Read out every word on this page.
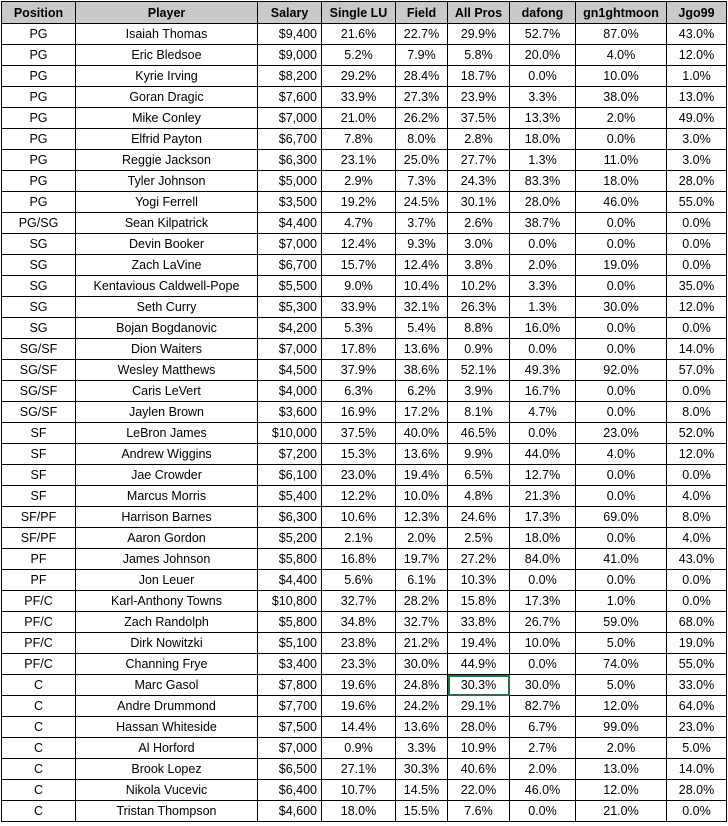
Position	Player	Salary	Single LU	Field	All Pros	dafong	gn1ghtmoon	Jgo99
PG	Isaiah Thomas	$9,400	21.6%	22.7%	29.9%	52.7%	87.0%	43.0%
PG	Eric Bledsoe	$9,000	5.2%	7.9%	5.8%	20.0%	4.0%	12.0%
PG	Kyrie Irving	$8,200	29.2%	28.4%	18.7%	0.0%	10.0%	1.0%
PG	Goran Dragic	$7,600	33.9%	27.3%	23.9%	3.3%	38.0%	13.0%
PG	Mike Conley	$7,000	21.0%	26.2%	37.5%	13.3%	2.0%	49.0%
PG	Elfrid Payton	$6,700	7.8%	8.0%	2.8%	18.0%	0.0%	3.0%
PG	Reggie Jackson	$6,300	23.1%	25.0%	27.7%	1.3%	11.0%	3.0%
PG	Tyler Johnson	$5,000	2.9%	7.3%	24.3%	83.3%	18.0%	28.0%
PG	Yogi Ferrell	$3,500	19.2%	24.5%	30.1%	28.0%	46.0%	55.0%
PG/SG	Sean Kilpatrick	$4,400	4.7%	3.7%	2.6%	38.7%	0.0%	0.0%
SG	Devin Booker	$7,000	12.4%	9.3%	3.0%	0.0%	0.0%	0.0%
SG	Zach LaVine	$6,700	15.7%	12.4%	3.8%	2.0%	19.0%	0.0%
SG	Kentavious Caldwell-Pope	$5,500	9.0%	10.4%	10.2%	3.3%	0.0%	35.0%
SG	Seth Curry	$5,300	33.9%	32.1%	26.3%	1.3%	30.0%	12.0%
SG	Bojan Bogdanovic	$4,200	5.3%	5.4%	8.8%	16.0%	0.0%	0.0%
SG/SF	Dion Waiters	$7,000	17.8%	13.6%	0.9%	0.0%	0.0%	14.0%
SG/SF	Wesley Matthews	$4,500	37.9%	38.6%	52.1%	49.3%	92.0%	57.0%
SG/SF	Caris LeVert	$4,000	6.3%	6.2%	3.9%	16.7%	0.0%	0.0%
SG/SF	Jaylen Brown	$3,600	16.9%	17.2%	8.1%	4.7%	0.0%	8.0%
SF	LeBron James	$10,000	37.5%	40.0%	46.5%	0.0%	23.0%	52.0%
SF	Andrew Wiggins	$7,200	15.3%	13.6%	9.9%	44.0%	4.0%	12.0%
SF	Jae Crowder	$6,100	23.0%	19.4%	6.5%	12.7%	0.0%	0.0%
SF	Marcus Morris	$5,400	12.2%	10.0%	4.8%	21.3%	0.0%	4.0%
SF/PF	Harrison Barnes	$6,300	10.6%	12.3%	24.6%	17.3%	69.0%	8.0%
SF/PF	Aaron Gordon	$5,200	2.1%	2.0%	2.5%	18.0%	0.0%	4.0%
PF	James Johnson	$5,800	16.8%	19.7%	27.2%	84.0%	41.0%	43.0%
PF	Jon Leuer	$4,400	5.6%	6.1%	10.3%	0.0%	0.0%	0.0%
PF/C	Karl-Anthony Towns	$10,800	32.7%	28.2%	15.8%	17.3%	1.0%	0.0%
PF/C	Zach Randolph	$5,800	34.8%	32.7%	33.8%	26.7%	59.0%	68.0%
PF/C	Dirk Nowitzki	$5,100	23.8%	21.2%	19.4%	10.0%	5.0%	19.0%
PF/C	Channing Frye	$3,400	23.3%	30.0%	44.9%	0.0%	74.0%	55.0%
C	Marc Gasol	$7,800	19.6%	24.8%	30.3%	30.0%	5.0%	33.0%
C	Andre Drummond	$7,700	19.6%	24.2%	29.1%	82.7%	12.0%	64.0%
C	Hassan Whiteside	$7,500	14.4%	13.6%	28.0%	6.7%	99.0%	23.0%
C	Al Horford	$7,000	0.9%	3.3%	10.9%	2.7%	2.0%	5.0%
C	Brook Lopez	$6,500	27.1%	30.3%	40.6%	2.0%	13.0%	14.0%
C	Nikola Vucevic	$6,400	10.7%	14.5%	22.0%	46.0%	12.0%	28.0%
C	Tristan Thompson	$4,600	18.0%	15.5%	7.6%	0.0%	21.0%	0.0%
